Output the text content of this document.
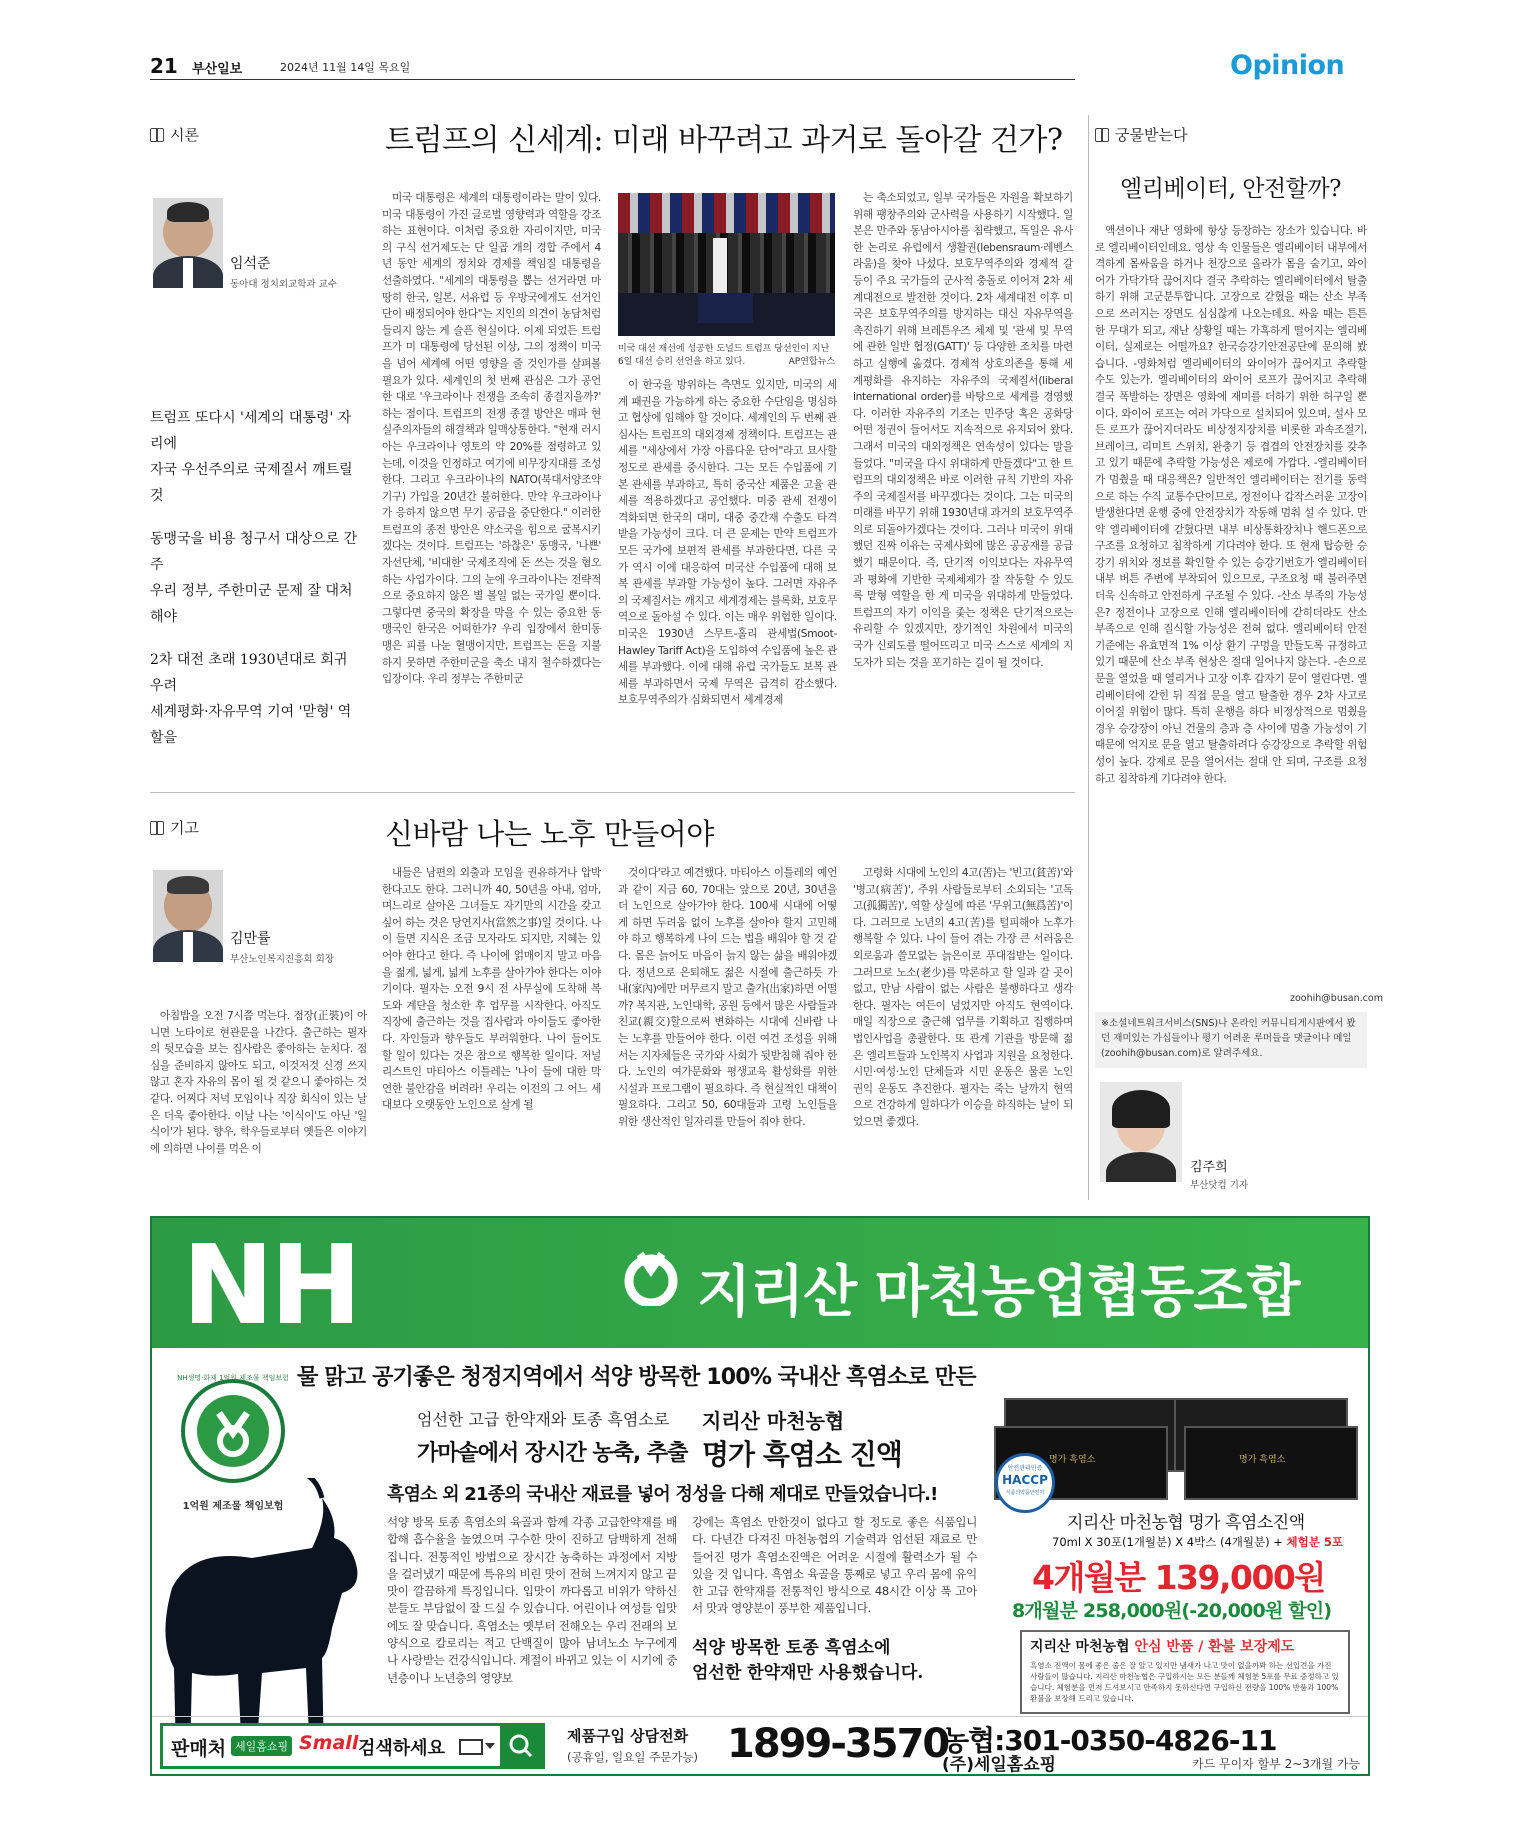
21 부산일보	2024년 11월 14일 목요일	Opinion
시론	트럼프의 신세계: 미래 바꾸려고 과거로 돌아갈 건가?
임석준
동아대 정치외교학과 교수
트럼프 또다시 '세계의 대통령' 자리에
자국 우선주의로 국제질서 깨트릴 것
동맹국을 비용 청구서 대상으로 간주
우리 정부, 주한미군 문제 잘 대처해야
2차 대전 초래 1930년대로 회귀 우려
세계평화·자유무역 기여 '맏형' 역할을

미국 대통령은 세계의 대통령이라는 말이 있다. 미국 대통령이 가진 글로벌 영향력과 역할을 강조하는 표현이다. 이처럼 중요한 자리이지만, 미국의 구식 선거제도는 단 일곱 개의 경합 주에서 4년 동안 세계의 정치와 경제를 책임질 대통령을 선출하였다. "세계의 대통령을 뽑는 선거라면 마땅히 한국, 일본, 서유럽 등 우방국에게도 선거인단이 배정되어야 한다"는 지인의 의견이 농담처럼 들리지 않는 게 슬픈 현실이다. 이제 되었든 트럼프가 미 대통령에 당선된 이상, 그의 정책이 미국을 넘어 세계에 어떤 영향을 줄 것인가를 살펴볼 필요가 있다. 세계인의 첫 번째 관심은 그가 공언한 대로 '우크라이나 전쟁을 조속히 종결지을까?' 하는 점이다. 트럼프의 전쟁 종결 방안은 매파 현실주의자들의 해결책과 일맥상통한다. "현재 러시아는 우크라이나 영토의 약 20%를 점령하고 있는데, 이것을 인정하고 여기에 비무장지대를 조성한다. 그리고 우크라이나의 NATO(북대서양조약기구) 가입을 20년간 불허한다. 만약 우크라이나가 응하지 않으면 무기 공급을 중단한다." 이러한 트럼프의 종전 방안은 약소국을 힘으로 굴복시키겠다는 것이다. 트럼프는 '하찮은' 동맹국, '나쁜' 자선단체, '비대한' 국제조직에 돈 쓰는 것을 혐오하는 사업가이다. 그의 눈에 우크라이나는 전략적으로 중요하지 않은 별 볼일 없는 국가일 뿐이다. 그렇다면 중국의 확장을 막을 수 있는 중요한 동맹국인 한국은 어떠한가? 우리 입장에서 한미동맹은 피를 나눈 혈맹이지만, 트럼프는 돈을 지불하지 못하면 주한미군을 축소 내지 철수하겠다는 입장이다. 우리 정부는 주한미군

미국 대선 재선에 성공한 도널드 트럼프 당선인이 지난 6일 대선 승리 선언을 하고 있다.	AP연합뉴스

이 한국을 방위하는 측면도 있지만, 미국의 세계 패권을 가능하게 하는 중요한 수단임을 명심하고 협상에 임해야 할 것이다. 세계인의 두 번째 관심사는 트럼프의 대외경제 정책이다. 트럼프는 관세를 "세상에서 가장 아름다운 단어"라고 묘사할 정도로 관세를 중시한다. 그는 모든 수입품에 기본 관세를 부과하고, 특히 중국산 제품은 고율 관세를 적용하겠다고 공언했다. 미중 관세 전쟁이 격화되면 한국의 대미, 대중 중간재 수출도 타격받을 가능성이 크다. 더 큰 문제는 만약 트럼프가 모든 국가에 보편적 관세를 부과한다면, 다른 국가 역시 이에 대응하여 미국산 수입품에 대해 보복 관세를 부과할 가능성이 높다. 그러면 자유주의 국제질서는 깨지고 세계경제는 블록화, 보호무역으로 돌아설 수 있다. 이는 매우 위험한 일이다. 미국은 1930년 스무트-홀리 관세법(Smoot-Hawley Tariff Act)을 도입하여 수입품에 높은 관세를 부과했다. 이에 대해 유럽 국가들도 보복 관세를 부과하면서 국제 무역은 급격히 감소했다. 보호무역주의가 심화되면서 세계경제

는 축소되었고, 일부 국가들은 자원을 확보하기 위해 팽창주의와 군사력을 사용하기 시작했다. 일본은 만주와 동남아시아를 침략했고, 독일은 유사한 논리로 유럽에서 생활권(lebensraum·레벤스라움)을 찾아 나섰다. 보호무역주의와 경제적 갈등이 주요 국가들의 군사적 충돌로 이어져 2차 세계대전으로 발전한 것이다. 2차 세계대전 이후 미국은 보호무역주의를 방지하는 대신 자유무역을 촉진하기 위해 브레튼우즈 체제 및 '관세 및 무역에 관한 일반 협정(GATT)' 등 다양한 조치를 마련하고 실행에 옮겼다. 경제적 상호의존을 통해 세계평화를 유지하는 자유주의 국제질서(liberal international order)를 바탕으로 세계를 경영했다. 이러한 자유주의 기조는 민주당 혹은 공화당 어떤 정권이 들어서도 지속적으로 유지되어 왔다. 그래서 미국의 대외정책은 연속성이 있다는 말을 들었다. "미국을 다시 위대하게 만들겠다"고 한 트럼프의 대외정책은 바로 이러한 규칙 기반의 자유주의 국제질서를 바꾸겠다는 것이다. 그는 미국의 미래를 바꾸기 위해 1930년대 과거의 보호무역주의로 되돌아가겠다는 것이다. 그러나 미국이 위대했던 진짜 이유는 국제사회에 많은 공공재를 공급했기 때문이다. 즉, 단기적 이익보다는 자유무역과 평화에 기반한 국제체제가 잘 작동할 수 있도록 맏형 역할을 한 게 미국을 위대하게 만들었다. 트럼프의 자기 이익을 좇는 정책은 단기적으로는 유리할 수 있겠지만, 장기적인 차원에서 미국의 국가 신뢰도를 떨어뜨리고 미국 스스로 세계의 지도자가 되는 것을 포기하는 길이 될 것이다.

기고	신바람 나는 노후 만들어야
김만률
부산노인복지진흥회 회장

아침밥을 오전 7시쯤 먹는다. 점장(正裝)이 아니면 노타이로 현관문을 나간다. 출근하는 필자의 뒷모습을 보는 집사람은 좋아하는 눈치다. 점심을 준비하지 않아도 되고, 이것저것 신경 쓰지 않고 혼자 자유의 몸이 될 것 같으니 좋아하는 것 같다. 어찌다 저녁 모임이나 직장 회식이 있는 날은 더욱 좋아한다. 이날 나는 '이식이'도 아닌 '일식이'가 된다. 향우, 학우들로부터 옛들은 이야기에 의하면 나이를 먹은 이

내들은 남편의 외출과 모임을 권유하거나 압박한다고도 한다. 그러니까 40, 50년을 아내, 엄마, 며느리로 살아온 그녀들도 자기만의 시간을 갖고 싶어 하는 것은 당연지사(當然之事)일 것이다. 나이 들면 지식은 조금 모자라도 되지만, 지혜는 있어야 한다고 한다. 즉 나이에 얽매이지 말고 마음을 젊게, 넓게, 넓게 노후를 살아가야 한다는 이야기이다. 필자는 오전 9시 전 사무실에 도착해 복도와 계단을 청소한 후 업무를 시작한다. 아직도 직장에 출근하는 것을 집사람과 아이들도 좋아한다. 자인들과 향우들도 부러워한다. 나이 들어도 할 일이 있다는 것은 참으로 행복한 일이다. 저널리스트인 마티아스 이틀레는 '나이 들에 대한 막연한 불안감을 버려라! 우리는 이전의 그 어느 세대보다 오랫동안 노인으로 살게 될

것이다'라고 예견했다. 마티아스 이틀레의 예언과 같이 지금 60, 70대는 앞으로 20년, 30년을 더 노인으로 살아가야 한다. 100세 시대에 어떻게 하면 두려움 없이 노후를 살아야 할지 고민해야 하고 행복하게 나이 드는 법을 배워야 할 것 같다. 몸은 늙어도 마음이 늙지 않는 삶을 배워야겠다. 정년으로 은퇴해도 젊은 시절에 출근하듯 가내(家內)에만 머무르지 말고 출가(出家)하면 어떨까? 복지관, 노인대학, 공원 등에서 많은 사람들과 친교(親交)할으로써 변화하는 시대에 신바람 나는 노후를 만들어야 한다. 이런 여건 조성을 위해서는 지자체들은 국가와 사회가 뒷받침해 줘야 한다. 노인의 여가문화와 평생교육 활성화를 위한 시설과 프로그램이 필요하다. 즉 현실적인 대책이 필요하다. 그리고 50, 60대들과 고령 노인들을 위한 생산적인 일자리를 만들어 줘야 한다.

고령화 시대에 노인의 4고(苦)는 '빈고(貧苦)'와 '병고(病苦)', 주위 사람들로부터 소외되는 '고독고(孤獨苦)', 역할 상실에 따른 '무위고(無爲苦)'이다. 그러므로 노년의 4고(苦)를 털피해야 노후가 행복할 수 있다. 나이 들어 겪는 가장 큰 서러움은 외로움과 쓸모없는 늙은이로 푸대접받는 일이다. 그러므로 노소(老少)를 막론하고 할 일과 갈 곳이 없고, 만남 사람이 없는 사람은 불행하다고 생각한다. 필자는 여든이 넘었지만 아직도 현역이다. 매일 직장으로 출근해 업무를 기획하고 집행하며 법인사업을 총괄한다. 또 관계 기관을 방문해 젊은 엘리트들과 노인복지 사업과 지원을 요청한다. 시민·여성·노인 단체들과 시민 운동은 물론 노인 권익 운동도 추진한다. 필자는 죽는 날까지 현역으로 건강하게 일하다가 이승을 하직하는 날이 되었으면 좋겠다.

궁물받는다
엘리베이터, 안전할까?

액션이나 재난 영화에 항상 등장하는 장소가 있습니다. 바로 엘리베이터인데요. 영상 속 인물들은 엘리베이터 내부에서 격하게 몸싸움을 하거나 천장으로 올라가 몸을 숨기고, 와이어가 가닥가닥 끊어지다 결국 추락하는 엘리베이터에서 탈출하기 위해 고군분투합니다. 고장으로 갇혔을 때는 산소 부족으로 쓰러지는 장면도 심심찮게 나오는데요. 싸움 때는 튼튼한 무대가 되고, 재난 상황일 때는 가혹하게 떨어지는 엘리베이터, 실제로는 어떨까요? 한국승강기안전공단에 문의해 봤습니다. -영화처럼 엘리베이터의 와이어가 끊어지고 추락할 수도 있는가. 엘리베이터의 와이어 로프가 끊어지고 추락해 결국 폭발하는 장면은 영화에 재미를 더하기 위한 허구일 뿐이다. 와이어 로프는 여러 가닥으로 설치되어 있으며, 설사 모든 로프가 끊어지더라도 비상정지장치를 비롯한 과속조절기, 브레이크, 리미트 스위치, 완충기 등 겹겹의 안전장치를 갖추고 있기 때문에 추락할 가능성은 제로에 가깝다. -엘리베이터가 멈췄을 때 대응책은? 일반적인 엘리베이터는 전기를 동력으로 하는 수직 교통수단이므로, 정전이나 갑작스러운 고장이 발생한다면 운행 중에 안전장치가 작동해 멈춰 설 수 있다. 만약 엘리베이터에 갇혔다면 내부 비상통화장치나 핸드폰으로 구조를 요청하고 침착하게 기다려야 한다. 또 현재 탑승한 승강기 위치와 정보를 확인할 수 있는 승강기번호가 엘리베이터 내부 버튼 주변에 부착되어 있으므로, 구조요청 때 불러주면 더욱 신속하고 안전하게 구조될 수 있다. -산소 부족의 가능성은? 정전이나 고장으로 인해 엘리베이터에 갇히더라도 산소 부족으로 인해 질식할 가능성은 전혀 없다. 엘리베이터 안전기준에는 유효면적 1% 이상 환기 구멍을 만들도록 규정하고 있기 때문에 산소 부족 현상은 절대 일어나지 않는다. -손으로 문을 열었을 때 열리거나 고장 이후 갑자기 문이 열린다면. 엘리베이터에 갇힌 뒤 직접 문을 열고 탈출한 경우 2차 사고로 이어질 위험이 많다. 특히 운행을 하다 비정상적으로 멈췄을 경우 승강장이 아닌 건물의 층과 층 사이에 멈출 가능성이 기 때문에 억지로 문을 열고 탈출하려다 승강장으로 추락할 위험성이 높다. 강제로 문을 열어서는 절대 안 되며, 구조를 요청하고 침착하게 기다려야 한다.

zoohih@busan.com
※소셜네트워크서비스(SNS)나 온라인 커뮤니티게시판에서 봤던 재미있는 가십들이나 평기 어려운 루머들을 댓글이나 메일(zoohih@busan.com)로 알려주세요.
김주희
부산닷컴 기자
NH	지리산 마천농업협동조합
물 맑고 공기좋은 청정지역에서 석양 방목한 100% 국내산 흑염소로 만든
NH생명·화재 1억원 제조물 책임보험
1억원 제조물 책임보험
엄선한 고급 한약재와 토종 흑염소로
가마솥에서 장시간 농축, 추출
지리산 마천농협
명가 흑염소 진액
흑염소 외 21종의 국내산 재료를 넣어 정성을 다해 제대로 만들었습니다.!

석양 방목 토종 흑염소의 육골과 함께 각종 고급한약재를 배합해 흡수율을 높였으며 구수한 맛이 진하고 담백하게 전해집니다. 전통적인 방법으로 장시간 농축하는 과정에서 지방을 걸러냈기 때문에 특유의 비린 맛이 전혀 느껴지지 않고 끝 맛이 깔끔하게 특징입니다. 입맛이 까다롭고 비위가 약하신 분들도 부담없이 잘 드실 수 있습니다. 어린이나 여성들 입맛에도 잘 맞습니다. 흑염소는 옛부터 전해오는 우리 전래의 보양식으로 칼로리는 적고 단백질이 많아 남녀노소 누구에게나 사랑받는 건강식입니다. 계절이 바뀌고 있는 이 시기에 중년층이나 노년층의 영양보

강에는 흑염소 만한것이 없다고 할 정도로 좋은 식품입니다. 다년간 다져진 마천농협의 기술력과 엄선된 재료로 만들어진 명가 흑염소진액은 어려운 시절에 활력소가 될 수 있을 것 입니다. 흑염소 육골을 통째로 넣고 우리 몸에 유익한 고급 한약재를 전통적인 방식으로 48시간 이상 푹 고아서 맛과 영양분이 풍부한 제품입니다.

석양 방목한 토종 흑염소에
엄선한 한약재만 사용했습니다.
명가 흑염소	명가 흑염소
안전관리인증
HACCP
식품의약품안전처
지리산 마천농협 명가 흑염소진액
70ml X 30포(1개월분) X 4박스 (4개월분) + 체험분 5포
4개월분 139,000원
8개월분 258,000원(-20,000원 할인)
지리산 마천농협 안심 반품 / 환불 보장제도
흑염소 진액이 몸에 좋은 줄은 잘 알고 있지만 냄새가 나고 맛이 없을까봐 하는 선입견을 가진 사람들이 많습니다. 지리산 마천농협은 구입하시는 모든 분들께 체험분 5포를 무료 증정하고 있습니다. 체험분을 먼저 드셔보시고 만족하지 못하신다면 구입하신 전량을 100% 반품과 100%환불을 보장해 드리고 있습니다.
판매처 세일홈쇼핑 Small 검색하세요
제품구입 상담전화
(공휴일, 일요일 주문가능) 1899-3570
농협:301-0350-4826-11
(주)세일홈쇼핑	카드 무이자 할부 2~3개월 가능
